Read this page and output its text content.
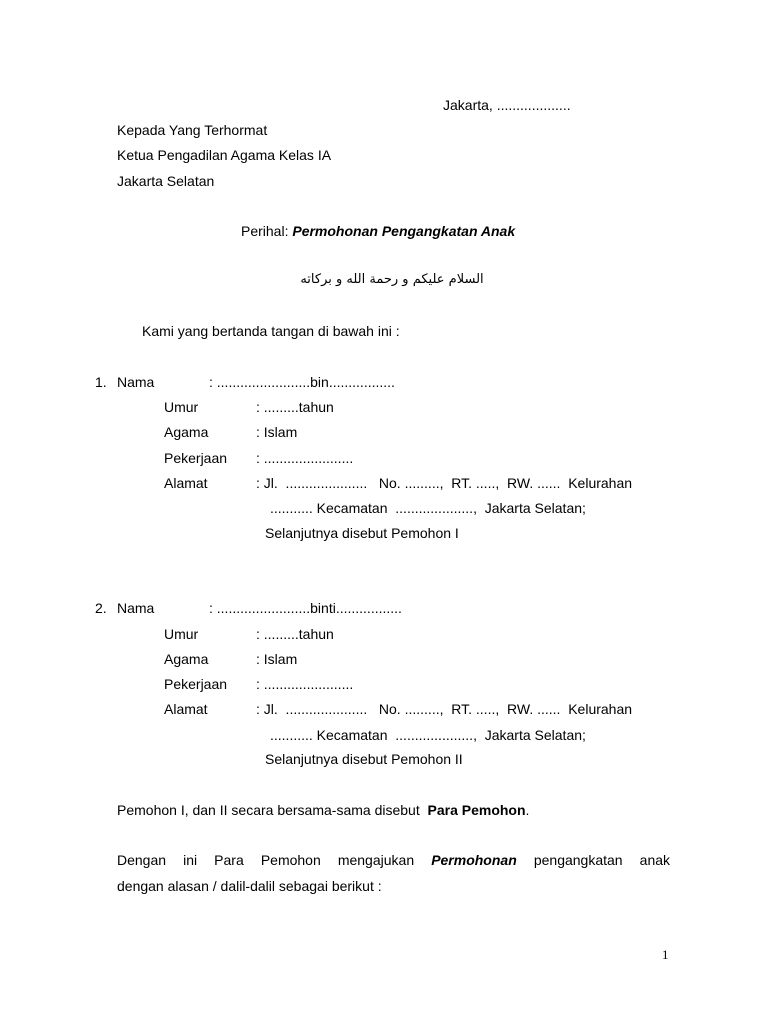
Jakarta, ...................
Kepada Yang Terhormat
Ketua Pengadilan Agama Kelas IA
Jakarta Selatan
Perihal: Permohonan Pengangkatan Anak
السلام عليكم و رحمة الله و بركاته
Kami yang bertanda tangan di bawah ini :
1. Nama	: ........................bin.................
Umur	: .........tahun
Agama	: Islam
Pekerjaan : .......................
Alamat	: Jl.  .....................   No. .........,  RT. .....,  RW. ......  Kelurahan
........... Kecamatan  ....................,  Jakarta Selatan;
Selanjutnya disebut Pemohon I
2. Nama	: ........................binti.................
Umur	: .........tahun
Agama	: Islam
Pekerjaan : .......................
Alamat	: Jl.  .....................   No. .........,  RT. .....,  RW. ......  Kelurahan
........... Kecamatan  ....................,  Jakarta Selatan;
Selanjutnya disebut Pemohon II
Pemohon I, dan II secara bersama-sama disebut Para Pemohon.
Dengan ini Para Pemohon mengajukan Permohonan pengangkatan anak
dengan alasan / dalil-dalil sebagai berikut :
1
